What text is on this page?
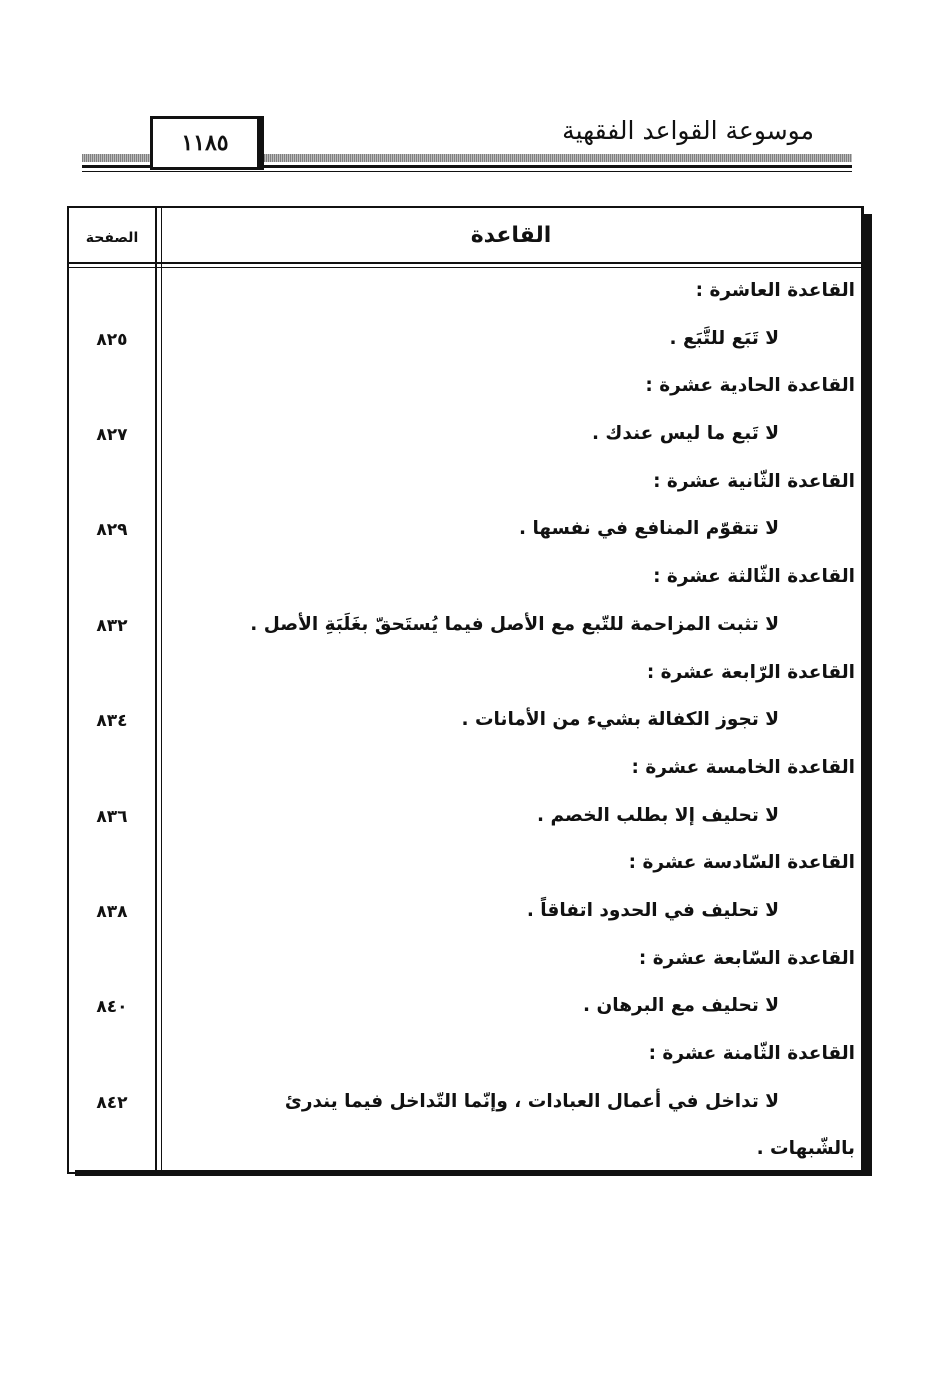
موسوعة القواعد الفقهية
١١٨٥
القاعدة
الصفحة
القاعدة العاشرة :
لا تَبَع للتَّبَع .
٨٢٥
القاعدة الحادية عشرة :
لا تَبع ما ليس عندك .
٨٢٧
القاعدة الثّانية عشرة :
لا تتقوّم المنافع في نفسها .
٨٢٩
القاعدة الثّالثة عشرة :
لا تثبت المزاحمة للتّبع مع الأصل فيما يُستَحقّ بغَلَبَةِ الأصل .
٨٣٢
القاعدة الرّابعة عشرة :
لا تجوز الكفالة بشيء من الأمانات .
٨٣٤
القاعدة الخامسة عشرة :
لا تحليف إلا بطلب الخصم .
٨٣٦
القاعدة السّادسة عشرة :
لا تحليف في الحدود اتفاقاً .
٨٣٨
القاعدة السّابعة عشرة :
لا تحليف مع البرهان .
٨٤٠
القاعدة الثّامنة عشرة :
لا تداخل في أعمال العبادات ، وإنّما التّداخل فيما يندرئ
٨٤٢
بالشّبهات .
